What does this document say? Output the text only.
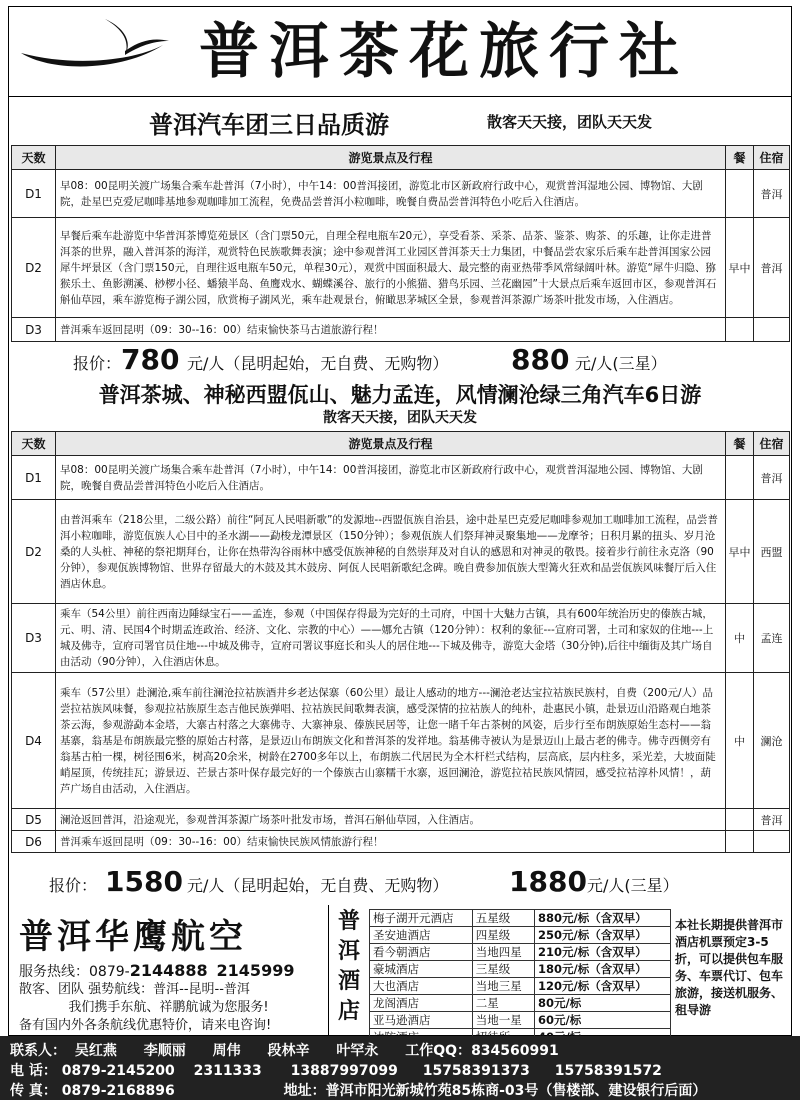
普洱茶花旅行社
普洱汽车团三日品质游	散客天天接，团队天天发
天数	游览景点及行程	餐	住宿
D1	早08：00昆明关渡广场集合乘车赴普洱（7小时），中午14：00普洱接团，游览北市区新政府行政中心，观赏普洱湿地公园、博物馆、大剧院，赴星巴克爱尼咖啡基地参观咖啡加工流程，免费品尝普洱小粒咖啡，晚餐自费品尝普洱特色小吃后入住酒店。		普洱
D2	早餐后乘车赴游览中华普洱茶博览苑景区（含门票50元，自理全程电瓶车20元），享受看茶、采茶、品茶、鉴茶、购茶、的乐趣，让你走进普洱茶的世界，融入普洱茶的海洋，观赏特色民族歌舞表演；途中参观普洱工业园区普洱茶天士力集团，中餐品尝农家乐后乘车赴普洱国家公园犀牛坪景区（含门票150元，自理往返电瓶车50元，单程30元），观赏中国面积最大、最完整的南亚热带季风常绿阔叶林。游览“犀牛归隐、猕猴乐土、鱼影溯溪、桫椤小径、蟠猿半岛、鱼鹰戏水、蝴蝶溪谷、旅行的小熊猫、猎鸟乐园、兰花幽园”十大景点后乘车返回市区，参观普洱石斛仙草园，乘车游览梅子湖公园，欣赏梅子湖风光，乘车赴观景台，俯瞰思茅城区全景，参观普洱茶源广场茶叶批发市场，入住酒店。	早中	普洱
D3	普洱乘车返回昆明（09：30--16：00）结束愉快茶马古道旅游行程！		
报价： 780 元/人（昆明起始，无自费、无购物） 880 元/人(三星）
普洱茶城、神秘西盟佤山、魅力孟连，风情澜沧绿三角汽车6日游
散客天天接，团队天天发
天数	游览景点及行程	餐	住宿
D1	早08：00昆明关渡广场集合乘车赴普洱（7小时），中午14：00普洱接团，游览北市区新政府行政中心，观赏普洱湿地公园、博物馆、大剧院，晚餐自费品尝普洱特色小吃后入住酒店。		普洱
D2	由普洱乘车（218公里，二级公路）前往“阿瓦人民唱新歌”的发源地--西盟佤族自治县，途中赴星巴克爱尼咖啡参观加工咖啡加工流程，品尝普洱小粒咖啡，游览佤族人心目中的圣水湖——勐梭龙潭景区（150分钟）；参观佤族人们祭拜神灵聚集地——龙摩爷；日积月累的扭头、岁月沧桑的人头桩、神秘的祭祀期拜台，让你在热带沟谷雨林中感受佤族神秘的自然崇拜及对自认的感恩和对神灵的敬畏。接着步行前往永克洛（90分钟），参观佤族博物馆、世界存留最大的木鼓及其木鼓房、阿佤人民唱新歌纪念碑。晚自费参加佤族大型篝火狂欢和品尝佤族风味餐厅后入住酒店休息。	早中	西盟
D3	乘车（54公里）前往西南边陲绿宝石——孟连，参观（中国保存得最为完好的土司府，中国十大魅力古镇，具有600年统治历史的傣族古城，元、明、清、民国4个时期孟连政治、经济、文化、宗教的中心）——娜允古镇（120分钟）：权利的象征---宣府司署，土司和家奴的住地---上城及佛寺，宣府司署官员住地---中城及佛寺，宣府司署议事庭长和头人的居住地---下城及佛寺，游览大金塔（30分钟),后往中缅街及其广场自由活动（90分钟），入住酒店休息。	中	孟连
D4	乘车（57公里）赴澜沧,乘车前往澜沧拉祜族酒井乡老达保寨（60公里）最让人感动的地方---澜沧老达宝拉祜族民族村，自费（200元/人）品尝拉祜族风味餐，参观拉祜族原生态吉他民族弹唱、拉祜族民间歌舞表演，感受深情的拉祜族人的纯朴，赴惠民小镇，赴景迈山沿路观白地茶茶云海，参观游勐本金塔，大寨古村落之大寨佛寺、大寨神泉、傣族民居等，让您一睹千年古茶树的风姿，后步行至布朗族原始生态村——翁基寨，翁基是布朗族最完整的原始古村落，是景迈山布朗族文化和普洱茶的发祥地。翁基佛寺被认为是景迈山上最古老的佛寺。佛寺西侧旁有翁基古柏一棵，树径围6米，树高20余米，树龄在2700多年以上，布朗族二代居民为全木杆栏式结构，层高底，层内柱多，采光差，大坡面陡峭屋顶，传统挂瓦；游景迈、芒景古茶叶保存最完好的一个傣族古山寨糯干水寨，返回澜沧，游览拉祜民族风情园，感受拉祜淳朴风情！，葫芦广场自由活动，入住酒店。	中	澜沧
D5	澜沧返回普洱，沿途观光，参观普洱茶源广场茶叶批发市场，普洱石斛仙草园，入住酒店。		普洱
D6	普洱乘车返回昆明（09：30--16：00）结束愉快民族风情旅游行程！		
报价： 1580 元/人（昆明起始，无自费、无购物） 1880 元/人(三星）
普洱华鹰航空
服务热线：0879-2144888 2145999
散客、团队 强势航线：普洱--昆明--普洱
我们携手东航、祥鹏航诚为您服务!
备有国内外各条航线优惠特价，请来电咨询!
普洱酒店
梅子湖开元酒店	五星级	880元/标（含双早）
圣安迪酒店	四星级	250元/标（含双早）
看今朝酒店	当地四星	210元/标（含双早）
豪城酒店	三星级	180元/标（含双早）
大也酒店	当地三星	120元/标（含双早）
龙阁酒店	二星	80元/标
亚马逊酒店	当地一星	60元/标

本社长期提供普洱市酒店机票预定3-5折，可以提供包车服务、车票代订、包车旅游，接送机服务、租导游
联系人： 吴红燕 李顺丽 周伟 段林辛 叶罕永 工作QQ：834560991
电 话： 0879-2145200 2311333 13887997099 15758391373 15758391572
传 真： 0879-2168896	地址：普洱市阳光新城竹苑85栋商-03号（售楼部、建设银行后面）
